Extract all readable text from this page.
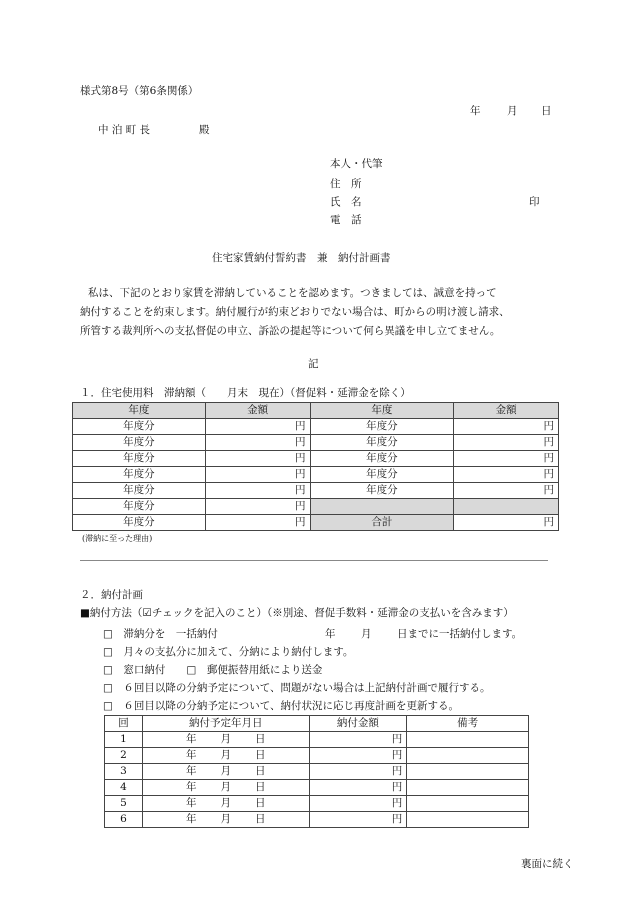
様式第8号（第6条関係）
年	月 日
中 泊 町 長	殿
本人・代筆
住　所
氏　名	印
電　話
住宅家賃納付誓約書　兼　納付計画書
私は、下記のとおり家賃を滞納していることを認めます。つきましては、誠意を持って
納付することを約束します。納付履行が約束どおりでない場合は、町からの明け渡し請求、
所管する裁判所への支払督促の申立、訴訟の提起等について何ら異議を申し立てません。
記
１．住宅使用料　滞納額（　　月末　現在）（督促料・延滞金を除く）
年度	金額	年度	金額
年度分	円	年度分	円
年度分	円	年度分	円
年度分	円	年度分	円
年度分	円	年度分	円
年度分	円	年度分	円
年度分	円		
年度分	円	合計	円
(滞納に至った理由)
２．納付計画
■納付方法（☑チェックを記入のこと）（※別途、督促手数料・延滞金の支払いを含みます）
□　滞納分を　一括納付	年 月 日までに一括納付します。
□　月々の支払分に加えて、分納により納付します。
□　窓口納付　　□　郵便振替用紙により送金
□　６回目以降の分納予定について、問題がない場合は上記納付計画で履行する。
□　６回目以降の分納予定について、納付状況に応じ再度計画を更新する。
回	納付予定年月日	納付金額	備考
1	年 月 日	円	
2	年 月 日	円	
3	年 月 日	円	
4	年 月 日	円	
5	年 月 日	円	
6	年 月 日	円	
裏面に続く
